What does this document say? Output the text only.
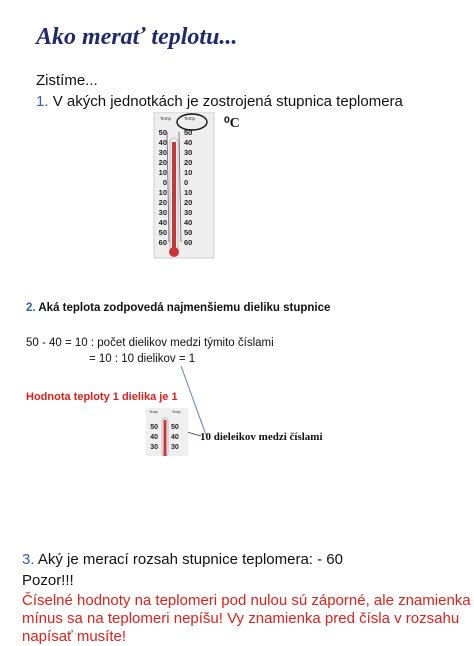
Ako merať teplotu...
Zistíme...
1. V akých jednotkách je zostrojená stupnica teplomera
50
40
30
20
10
0
10
20
30
40
50
60
50
40
30
20
10
0
10
20
30
40
50
60
Temp	Temp ⁰C
2. Aká teplota zodpovedá najmenšiemu dieliku stupnice
50 - 40 = 10 : počet dielikov medzi týmito číslami
= 10 : 10 dielikov = 1
Hodnota teploty 1 dielika je 1
Temp	Temp
50
40
30
50
40
30
10 dieleikov medzi číslami
3. Aký je merací rozsah stupnice teplomera: - 60
Pozor!!!
Číselné hodnoty na teplomeri pod nulou sú záporné, ale znamienka
mínus sa na teplomeri nepíšu! Vy znamienka pred čísla v rozsahu
napísať musíte!
